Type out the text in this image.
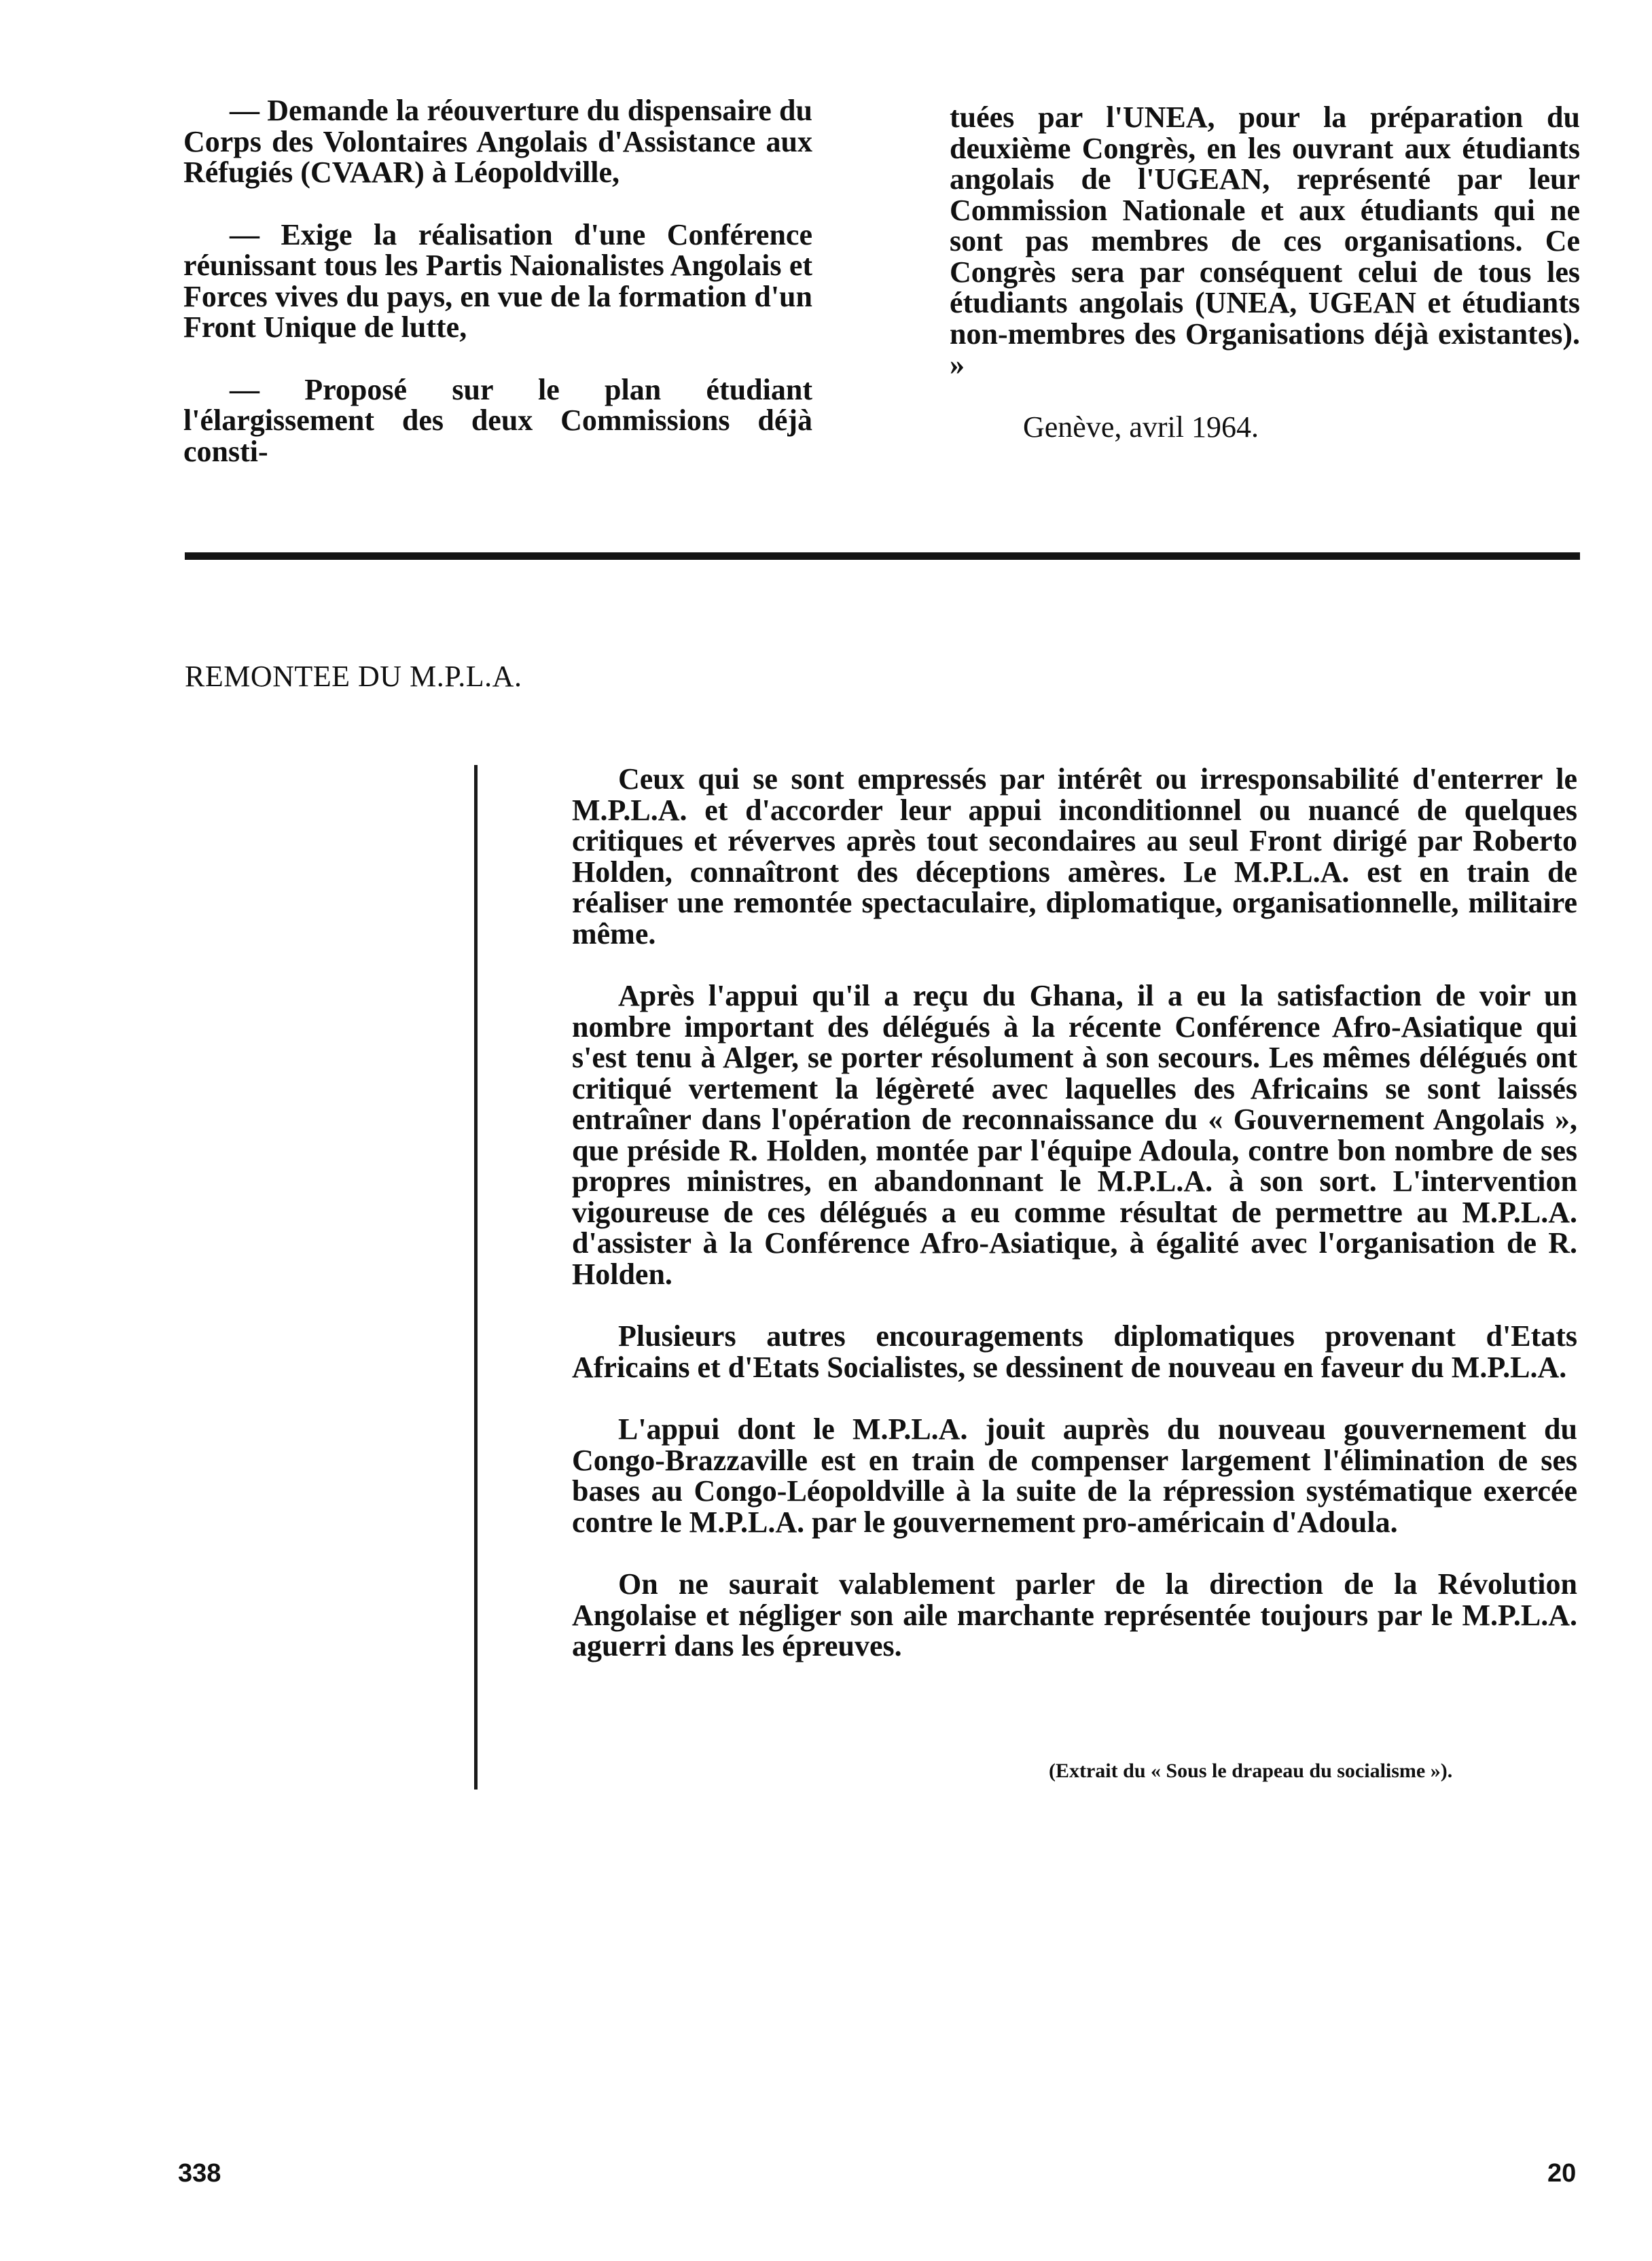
— Demande la réouverture du dispensaire du Corps des Volontaires Angolais d'Assistance aux Réfugiés (CVAAR) à Léopoldville,

— Exige la réalisation d'une Conférence réunissant tous les Partis Naionalistes Angolais et Forces vives du pays, en vue de la formation d'un Front Unique de lutte,

— Proposé sur le plan étudiant l'élargissement des deux Commissions déjà consti-

tuées par l'UNEA, pour la préparation du deuxième Congrès, en les ouvrant aux étudiants angolais de l'UGEAN, représenté par leur Commission Nationale et aux étudiants qui ne sont pas membres de ces organisations. Ce Congrès sera par conséquent celui de tous les étudiants angolais (UNEA, UGEAN et étudiants non-membres des Organisations déjà existantes). »

Genève, avril 1964.

REMONTEE DU M.P.L.A.

Ceux qui se sont empressés par intérêt ou irresponsabilité d'enterrer le M.P.L.A. et d'accorder leur appui inconditionnel ou nuancé de quelques critiques et réverves après tout secondaires au seul Front dirigé par Roberto Holden, connaîtront des déceptions amères. Le M.P.L.A. est en train de réaliser une remontée spectaculaire, diplomatique, organisationnelle, militaire même.

Après l'appui qu'il a reçu du Ghana, il a eu la satisfaction de voir un nombre important des délégués à la récente Conférence Afro-Asiatique qui s'est tenu à Alger, se porter résolument à son secours. Les mêmes délégués ont critiqué vertement la légèreté avec laquelles des Africains se sont laissés entraîner dans l'opération de reconnaissance du « Gouvernement Angolais », que préside R. Holden, montée par l'équipe Adoula, contre bon nombre de ses propres ministres, en abandonnant le M.P.L.A. à son sort. L'intervention vigoureuse de ces délégués a eu comme résultat de permettre au M.P.L.A. d'assister à la Conférence Afro-Asiatique, à égalité avec l'organisation de R. Holden.

Plusieurs autres encouragements diplomatiques provenant d'Etats Africains et d'Etats Socialistes, se dessinent de nouveau en faveur du M.P.L.A.

L'appui dont le M.P.L.A. jouit auprès du nouveau gouvernement du Congo-Brazzaville est en train de compenser largement l'élimination de ses bases au Congo-Léopoldville à la suite de la répression systématique exercée contre le M.P.L.A. par le gouvernement pro-américain d'Adoula.

On ne saurait valablement parler de la direction de la Révolution Angolaise et négliger son aile marchante représentée toujours par le M.P.L.A. aguerri dans les épreuves.

(Extrait du « Sous le drapeau du socialisme »).

338	20
